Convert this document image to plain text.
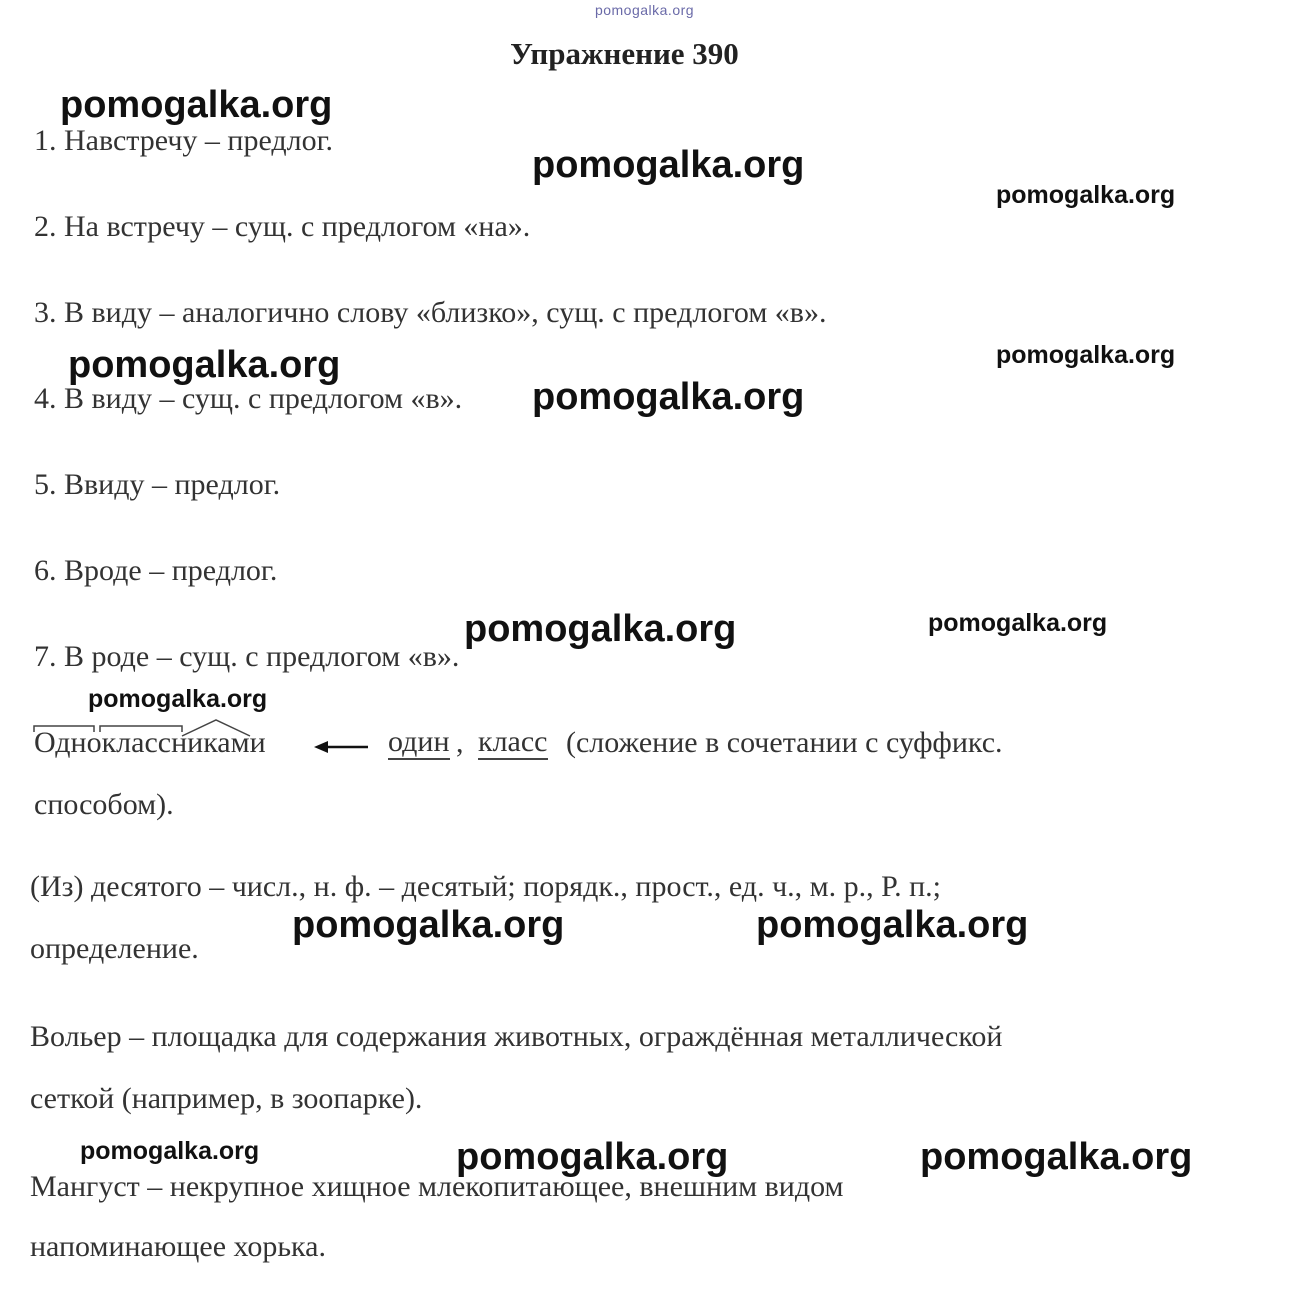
pomogalka.org
Упражнение 390
1. Навстречу – предлог.
2. На встречу – сущ. с предлогом «на».
3. В виду – аналогично слову «близко», сущ. с предлогом «в».
4. В виду – сущ. с предлогом «в».
5. Ввиду – предлог.
6. Вроде – предлог.
7. В роде – сущ. с предлогом «в».
Одноклассниками	один , класс (сложение в сочетании с суффикс.
способом).
(Из) десятого – числ., н. ф. – десятый; порядк., прост., ед. ч., м. р., Р. п.;
определение.
Вольер – площадка для содержания животных, ограждённая металлической
сеткой (например, в зоопарке).
Мангуст – некрупное хищное млекопитающее, внешним видом
напоминающее хорька.
pomogalka.org
pomogalka.org
pomogalka.org
pomogalka.org	pomogalka.org
pomogalka.org
pomogalka.org	pomogalka.org
pomogalka.org
pomogalka.org	pomogalka.org
pomogalka.org	pomogalka.org	pomogalka.org
